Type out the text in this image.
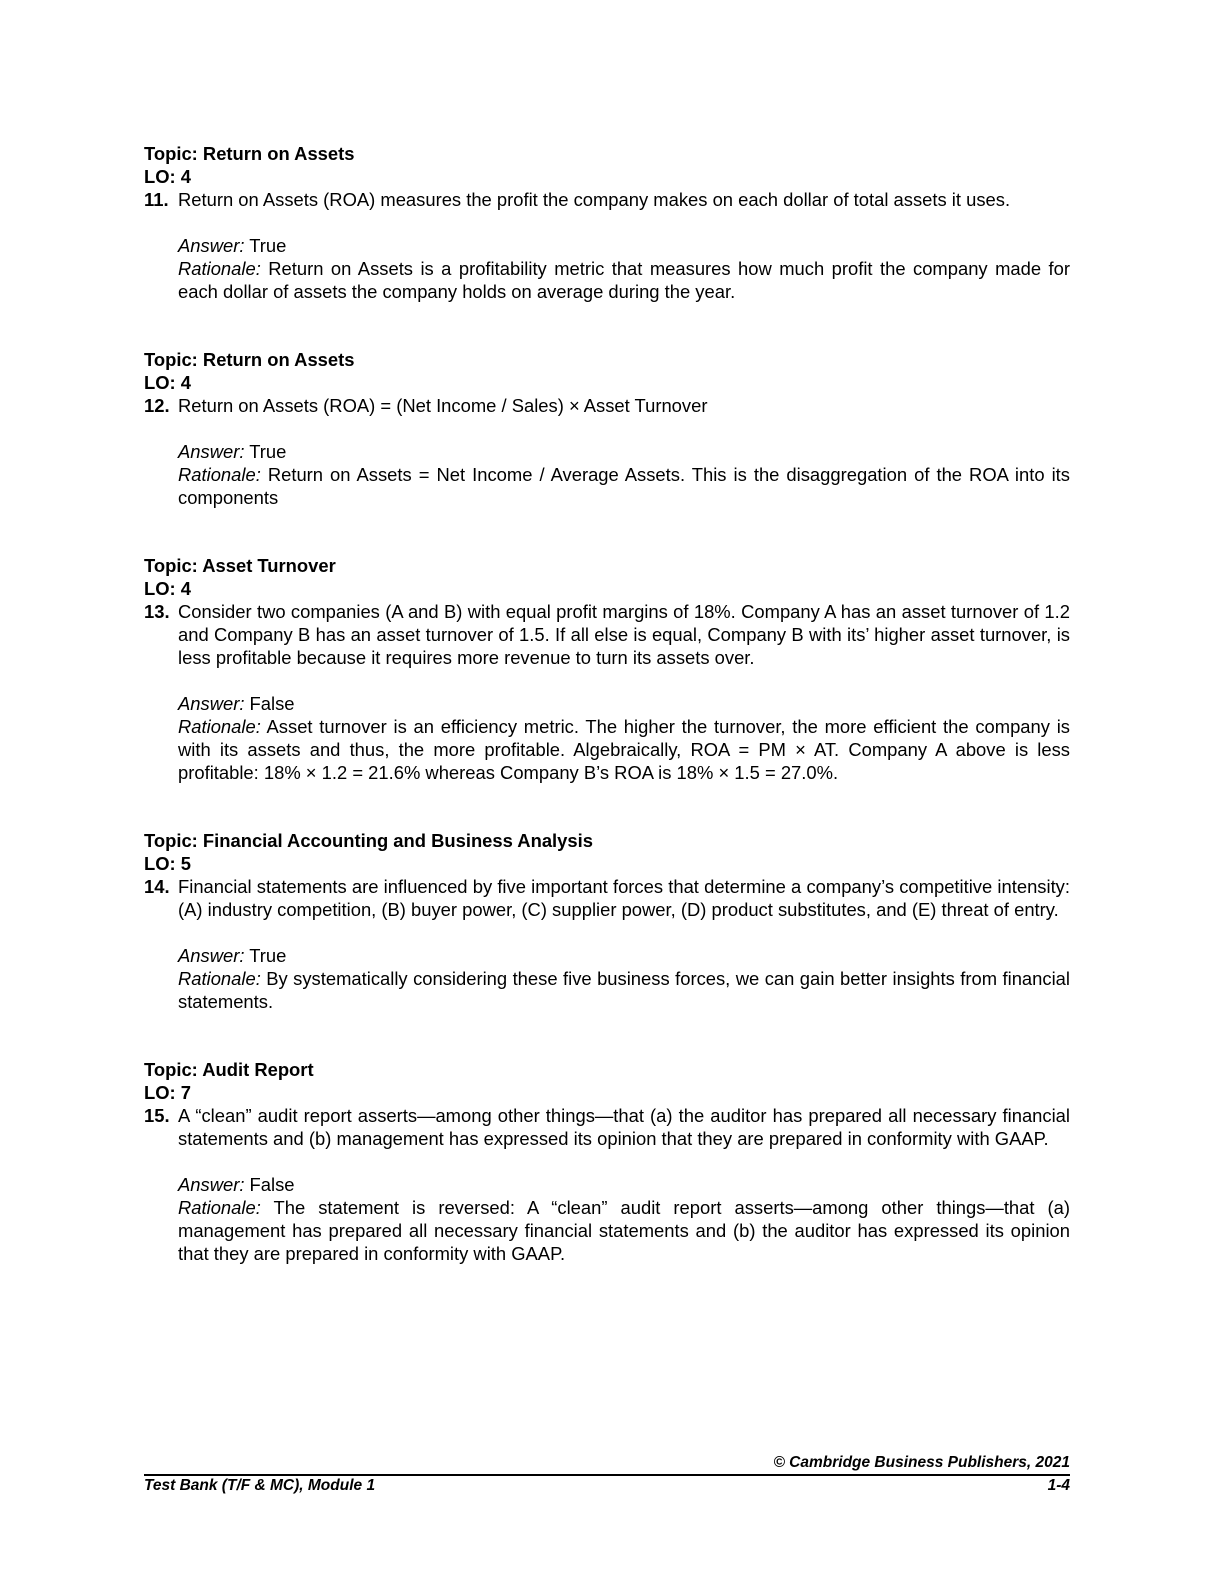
Topic: Return on Assets
LO: 4
11. Return on Assets (ROA) measures the profit the company makes on each dollar of total assets it uses.
Answer: True
Rationale: Return on Assets is a profitability metric that measures how much profit the company made for each dollar of assets the company holds on average during the year.
Topic: Return on Assets
LO: 4
12. Return on Assets (ROA) = (Net Income / Sales) × Asset Turnover
Answer: True
Rationale: Return on Assets = Net Income / Average Assets. This is the disaggregation of the ROA into its components
Topic: Asset Turnover
LO: 4
13. Consider two companies (A and B) with equal profit margins of 18%. Company A has an asset turnover of 1.2 and Company B has an asset turnover of 1.5. If all else is equal, Company B with its’ higher asset turnover, is less profitable because it requires more revenue to turn its assets over.
Answer: False
Rationale: Asset turnover is an efficiency metric. The higher the turnover, the more efficient the company is with its assets and thus, the more profitable. Algebraically, ROA = PM × AT. Company A above is less profitable: 18% × 1.2 = 21.6% whereas Company B’s ROA is 18% × 1.5 = 27.0%.
Topic: Financial Accounting and Business Analysis
LO: 5
14. Financial statements are influenced by five important forces that determine a company’s competitive intensity: (A) industry competition, (B) buyer power, (C) supplier power, (D) product substitutes, and (E) threat of entry.
Answer: True
Rationale: By systematically considering these five business forces, we can gain better insights from financial statements.
Topic: Audit Report
LO: 7
15. A “clean” audit report asserts—among other things—that (a) the auditor has prepared all necessary financial statements and (b) management has expressed its opinion that they are prepared in conformity with GAAP.
Answer: False
Rationale: The statement is reversed: A “clean” audit report asserts—among other things—that (a) management has prepared all necessary financial statements and (b) the auditor has expressed its opinion that they are prepared in conformity with GAAP.
© Cambridge Business Publishers, 2021
Test Bank (T/F & MC), Module 1	1-4
